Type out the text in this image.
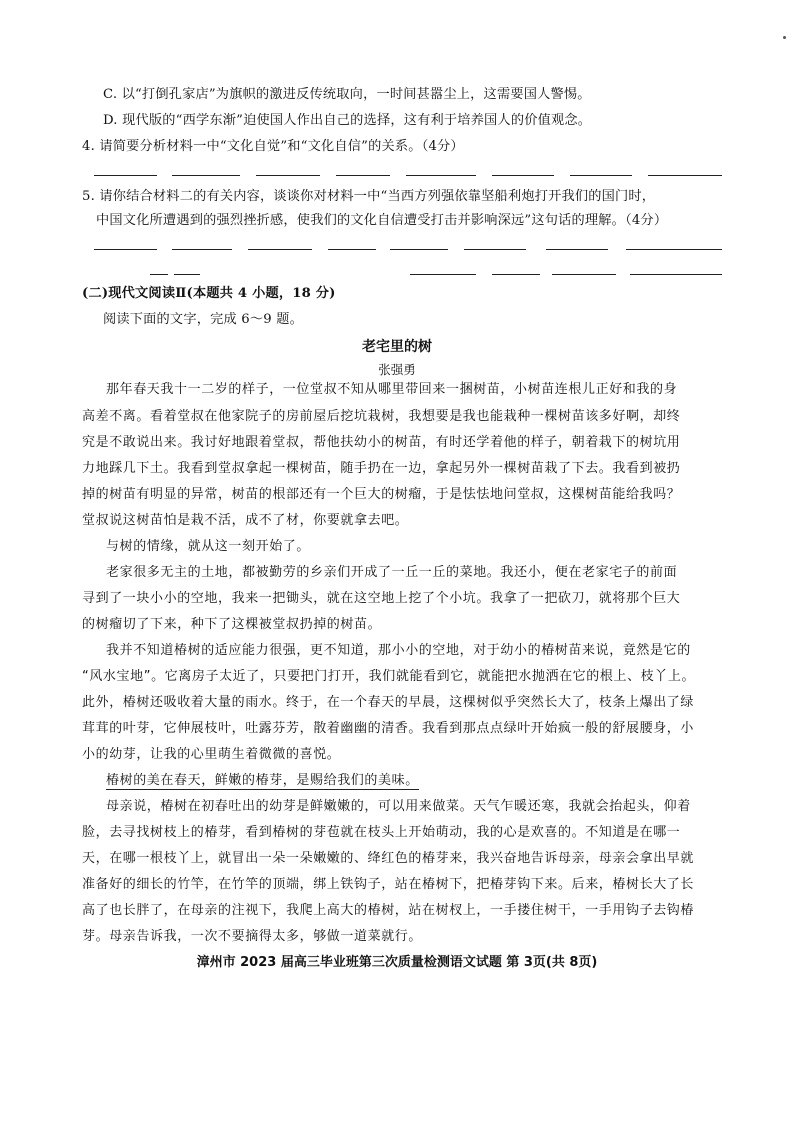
C. 以“打倒孔家店”为旗帜的激进反传统取向，一时间甚嚣尘上，这需要国人警惕。
D. 现代版的“西学东渐”迫使国人作出自己的选择，这有利于培养国人的价值观念。
4. 请简要分析材料一中“文化自觉”和“文化自信”的关系。（4分）
5. 请你结合材料二的有关内容，谈谈你对材料一中“当西方列强依靠坚船利炮打开我们的国门时，
中国文化所遭遇到的强烈挫折感，使我们的文化自信遭受打击并影响深远”这句话的理解。（4分）
(二)现代文阅读Ⅱ(本题共 4 小题，18 分)
阅读下面的文字，完成 6～9 题。
老宅里的树
张强勇
那年春天我十一二岁的样子，一位堂叔不知从哪里带回来一捆树苗，小树苗连根儿正好和我的身
高差不离。看着堂叔在他家院子的房前屋后挖坑栽树，我想要是我也能栽种一棵树苗该多好啊，却终
究是不敢说出来。我讨好地跟着堂叔，帮他扶幼小的树苗，有时还学着他的样子，朝着栽下的树坑用
力地踩几下土。我看到堂叔拿起一棵树苗，随手扔在一边，拿起另外一棵树苗栽了下去。我看到被扔
掉的树苗有明显的异常，树苗的根部还有一个巨大的树瘤，于是怯怯地问堂叔，这棵树苗能给我吗？
堂叔说这树苗怕是栽不活，成不了材，你要就拿去吧。
与树的情缘，就从这一刻开始了。
老家很多无主的土地，都被勤劳的乡亲们开成了一丘一丘的菜地。我还小，便在老家宅子的前面
寻到了一块小小的空地，我来一把锄头，就在这空地上挖了个小坑。我拿了一把砍刀，就将那个巨大
的树瘤切了下来，种下了这棵被堂叔扔掉的树苗。
我并不知道椿树的适应能力很强，更不知道，那小小的空地，对于幼小的椿树苗来说，竟然是它的
“风水宝地”。它离房子太近了，只要把门打开，我们就能看到它，就能把水抛洒在它的根上、枝丫上。
此外，椿树还吸收着大量的雨水。终于，在一个春天的早晨，这棵树似乎突然长大了，枝条上爆出了绿
茸茸的叶芽，它伸展枝叶，吐露芬芳，散着幽幽的清香。我看到那点点绿叶开始疯一般的舒展腰身，小
小的幼芽，让我的心里萌生着微微的喜悦。
椿树的美在春天，鲜嫩的椿芽，是赐给我们的美味。
母亲说，椿树在初春吐出的幼芽是鲜嫩嫩的，可以用来做菜。天气乍暖还寒，我就会抬起头，仰着
脸，去寻找树枝上的椿芽，看到椿树的芽苞就在枝头上开始萌动，我的心是欢喜的。不知道是在哪一
天，在哪一根枝丫上，就冒出一朵一朵嫩嫩的、绛红色的椿芽来，我兴奋地告诉母亲，母亲会拿出早就
准备好的细长的竹竿，在竹竿的顶端，绑上铁钩子，站在椿树下，把椿芽钩下来。后来，椿树长大了长
高了也长胖了，在母亲的注视下，我爬上高大的椿树，站在树杈上，一手搂住树干，一手用钩子去钩椿
芽。母亲告诉我，一次不要摘得太多，够做一道菜就行。
漳州市 2023 届高三毕业班第三次质量检测语文试题 第 3页(共 8页)
